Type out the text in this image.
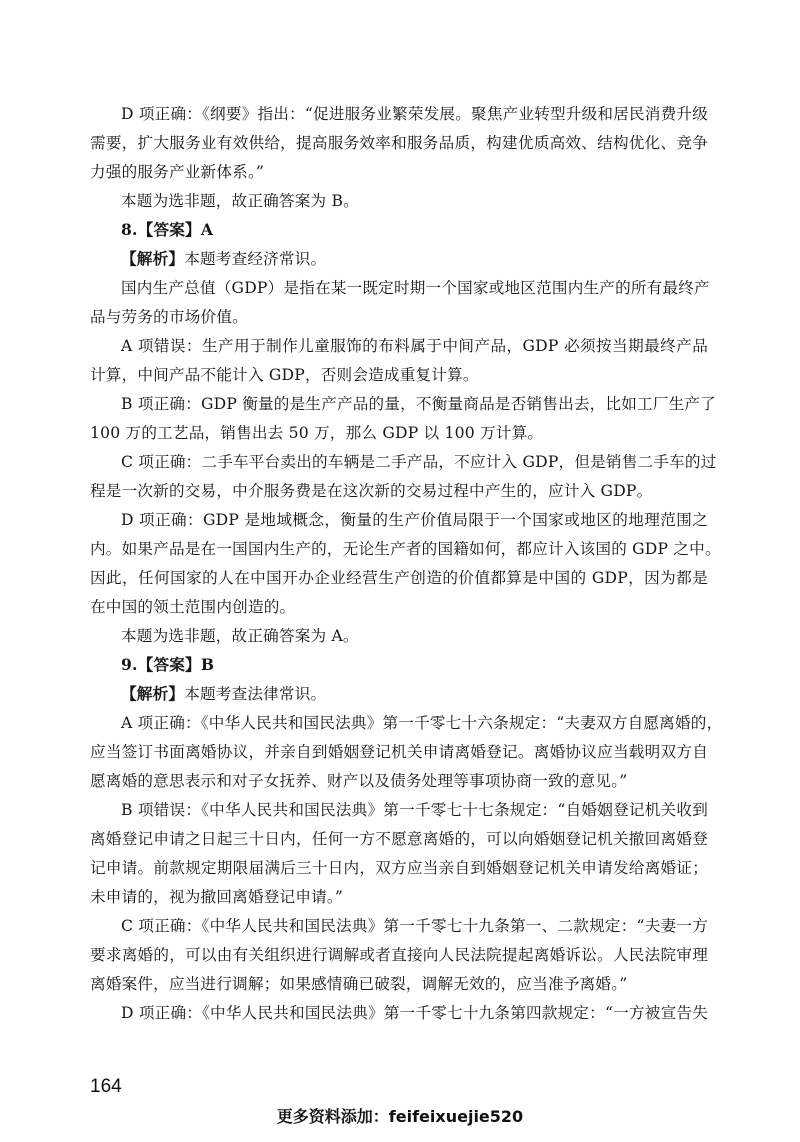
D 项正确：《纲要》指出：“促进服务业繁荣发展。聚焦产业转型升级和居民消费升级
需要，扩大服务业有效供给，提高服务效率和服务品质，构建优质高效、结构优化、竞争
力强的服务产业新体系。”
本题为选非题，故正确答案为 B。
8.【答案】A
【解析】本题考查经济常识。
国内生产总值（GDP）是指在某一既定时期一个国家或地区范围内生产的所有最终产
品与劳务的市场价值。
A 项错误：生产用于制作儿童服饰的布料属于中间产品，GDP 必须按当期最终产品
计算，中间产品不能计入 GDP，否则会造成重复计算。
B 项正确：GDP 衡量的是生产产品的量，不衡量商品是否销售出去，比如工厂生产了
100 万的工艺品，销售出去 50 万，那么 GDP 以 100 万计算。
C 项正确：二手车平台卖出的车辆是二手产品，不应计入 GDP，但是销售二手车的过
程是一次新的交易，中介服务费是在这次新的交易过程中产生的，应计入 GDP。
D 项正确：GDP 是地域概念，衡量的生产价值局限于一个国家或地区的地理范围之
内。如果产品是在一国国内生产的，无论生产者的国籍如何，都应计入该国的 GDP 之中。
因此，任何国家的人在中国开办企业经营生产创造的价值都算是中国的 GDP，因为都是
在中国的领土范围内创造的。
本题为选非题，故正确答案为 A。
9.【答案】B
【解析】本题考查法律常识。
A 项正确：《中华人民共和国民法典》第一千零七十六条规定：“夫妻双方自愿离婚的，
应当签订书面离婚协议，并亲自到婚姻登记机关申请离婚登记。离婚协议应当载明双方自
愿离婚的意思表示和对子女抚养、财产以及债务处理等事项协商一致的意见。”
B 项错误：《中华人民共和国民法典》第一千零七十七条规定：“自婚姻登记机关收到
离婚登记申请之日起三十日内，任何一方不愿意离婚的，可以向婚姻登记机关撤回离婚登
记申请。前款规定期限届满后三十日内，双方应当亲自到婚姻登记机关申请发给离婚证；
未申请的，视为撤回离婚登记申请。”
C 项正确：《中华人民共和国民法典》第一千零七十九条第一、二款规定：“夫妻一方
要求离婚的，可以由有关组织进行调解或者直接向人民法院提起离婚诉讼。人民法院审理
离婚案件，应当进行调解；如果感情确已破裂，调解无效的，应当准予离婚。”
D 项正确：《中华人民共和国民法典》第一千零七十九条第四款规定：“一方被宣告失
164
更多资料添加：feifeixuejie520
